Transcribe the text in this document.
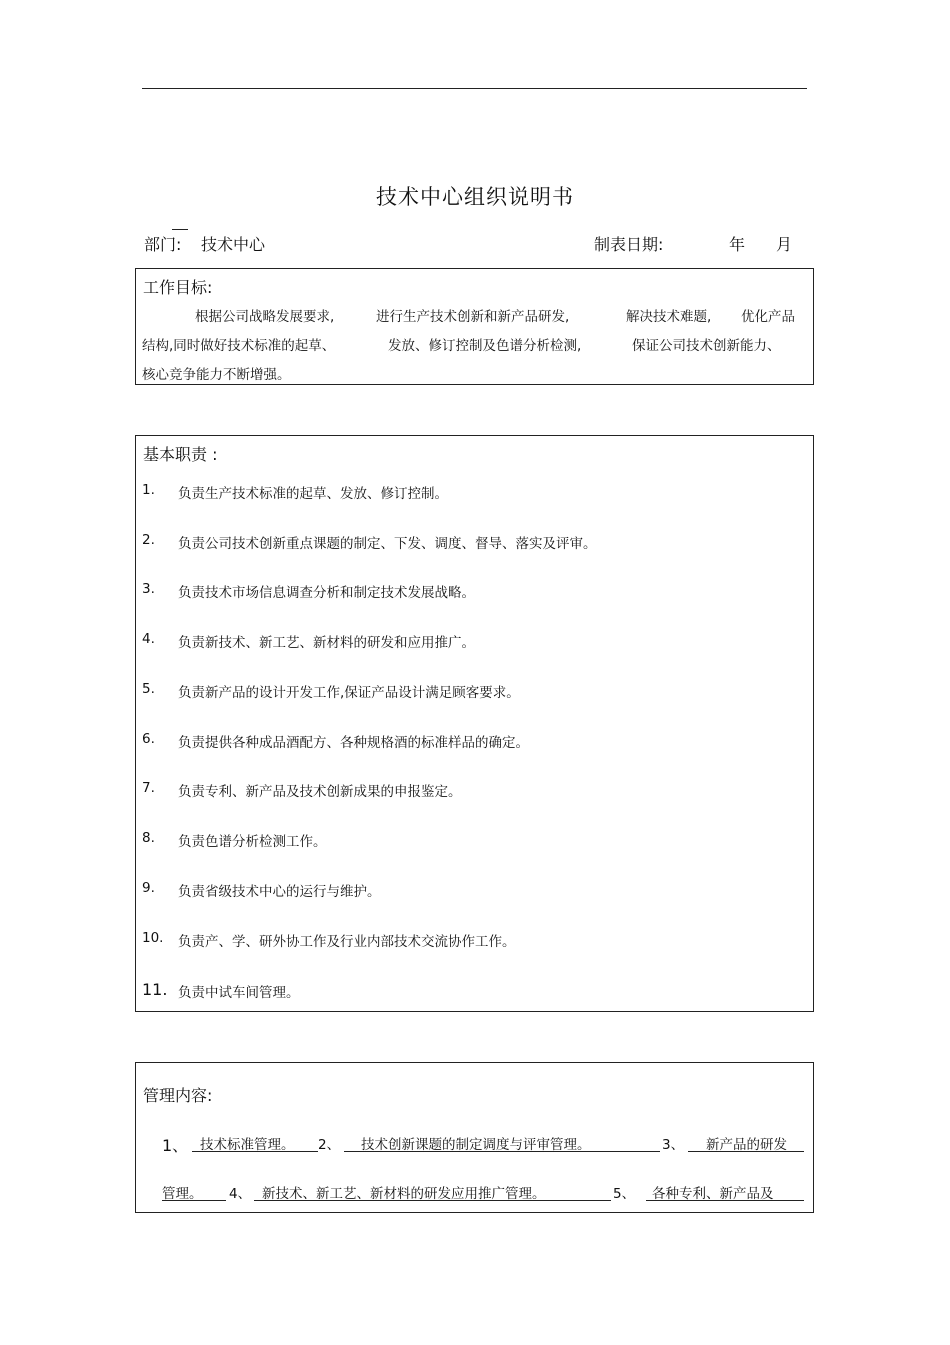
技术中心组织说明书
部门: 技术中心	制表日期:	年 月
工作目标:
根据公司战略发展要求,	进行生产技术创新和新产品研发,	解决技术难题, 优化产品
结构,同时做好技术标准的起草、	发放、修订控制及色谱分析检测,	保证公司技术创新能力、
核心竞争能力不断增强。
基本职责 :
1. 负责生产技术标准的起草、发放、修订控制。
2. 负责公司技术创新重点课题的制定、下发、调度、督导、落实及评审。
3. 负责技术市场信息调查分析和制定技术发展战略。
4. 负责新技术、新工艺、新材料的研发和应用推广。
5. 负责新产品的设计开发工作,保证产品设计满足顾客要求。
6. 负责提供各种成品酒配方、各种规格酒的标准样品的确定。
7. 负责专利、新产品及技术创新成果的申报鉴定。
8. 负责色谱分析检测工作。
9. 负责省级技术中心的运行与维护。
10. 负责产、学、研外协工作及行业内部技术交流协作工作。
11. 负责中试车间管理。
管理内容:
1、 技术标准管理。 2、 技术创新课题的制定调度与评审管理。	3、 新产品的研发
管理。 4、 新技术、新工艺、新材料的研发应用推广管理。	5、 各种专利、新产品及
